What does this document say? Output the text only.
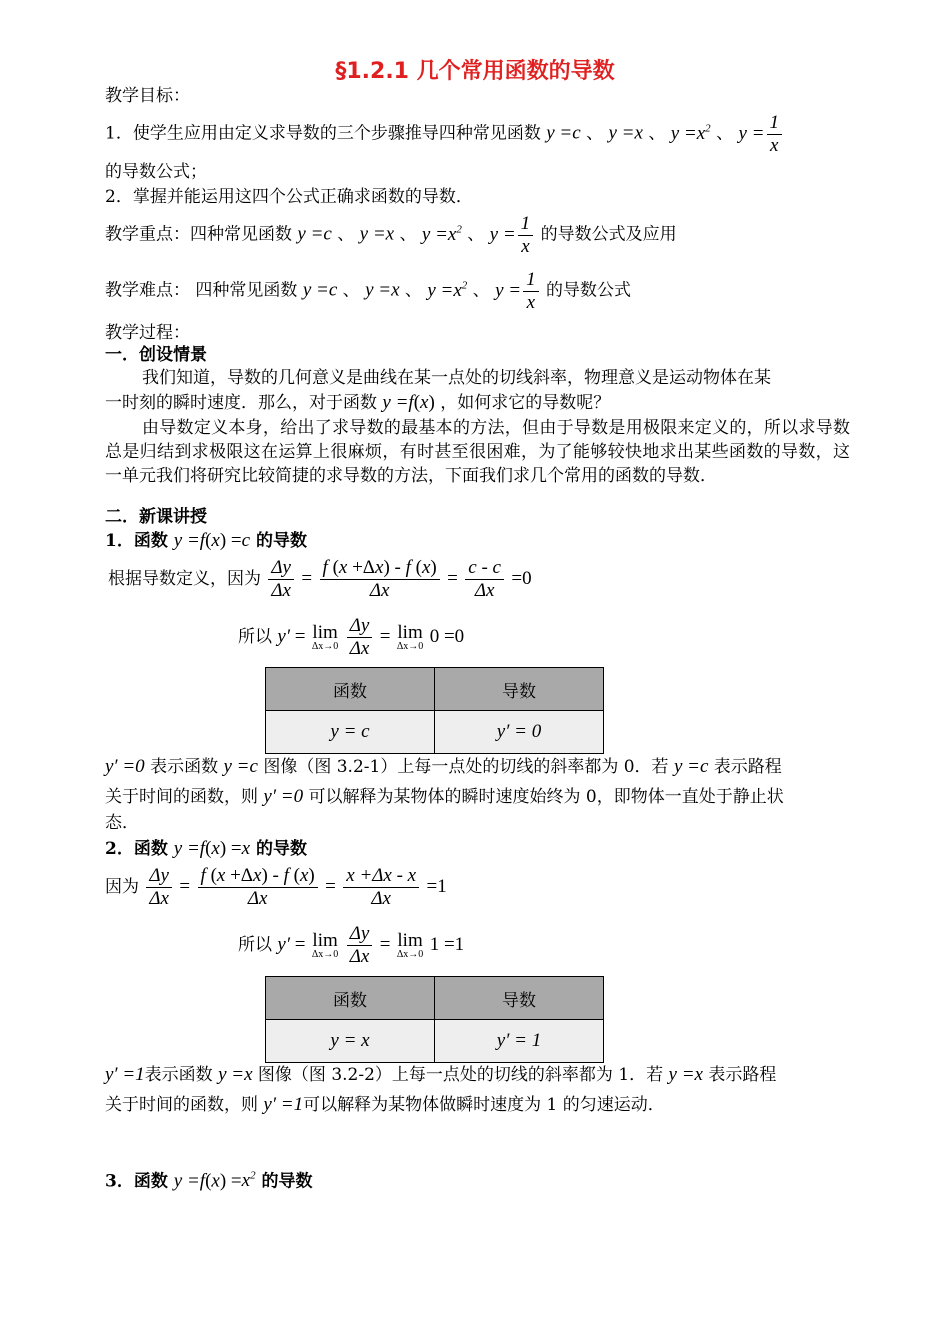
§1.2.1 几个常用函数的导数
教学目标：
1．使学生应用由定义求导数的三个步骤推导四种常见函数 y =c 、 y =x 、 $y =x^2$ 、 $y = \frac{1}{x}$
的导数公式；
2．掌握并能运用这四个公式正确求函数的导数．
教学重点：四种常见函数 y =c 、 y =x 、 $y =x^2$ 、 $y = \frac{1}{x}$ 的导数公式及应用
教学难点： 四种常见函数 y =c 、 y =x 、 $y =x^2$ 、 $y = \frac{1}{x}$ 的导数公式
教学过程：
一．创设情景
我们知道，导数的几何意义是曲线在某一点处的切线斜率，物理意义是运动物体在某
一时刻的瞬时速度．那么，对于函数 y =f(x) ，如何求它的导数呢？
由导数定义本身，给出了求导数的最基本的方法，但由于导数是用极限来定义的，所以求导数总是归结到求极限这在运算上很麻烦，有时甚至很困难，为了能够较快地求出某些函数的导数，这一单元我们将研究比较简捷的求导数的方法，下面我们求几个常用的函数的导数．
二．新课讲授
1．函数 y =f(x) =c 的导数
根据导数定义，因为 $\frac{\Delta y}{\Delta x} = \frac{f (x +\Delta x) - f (x)}{\Delta x} = \frac{c - c}{\Delta x} =0$
所以 y′ = lim
Δx→0
$\frac{\Delta y}{\Delta x} = \lim$
Δx→0 0 =0
函数	导数
y = c	y′ = 0
y′ =0 表示函数 y =c 图像（图 3.2-1）上每一点处的切线的斜率都为 0．若 y =c 表示路程
关于时间的函数，则 y′ =0 可以解释为某物体的瞬时速度始终为 0，即物体一直处于静止状
态．
2．函数 y =f(x) =x 的导数
因为 $\frac{\Delta y}{\Delta x} = \frac{f (x +\Delta x) - f (x)}{\Delta x} = \frac{x +\Delta x - x}{\Delta x} =1$
所以 y′ = lim
Δx→0
$\frac{\Delta y}{\Delta x} = \lim$
Δx→0 1 =1
函数	导数
y = x	y′ = 1
y′ =1表示函数 y =x 图像（图 3.2-2）上每一点处的切线的斜率都为 1．若 y =x 表示路程
关于时间的函数，则 y′ =1可以解释为某物体做瞬时速度为 1 的匀速运动．
3．函数 $y =f(x) =x^2$ 的导数
